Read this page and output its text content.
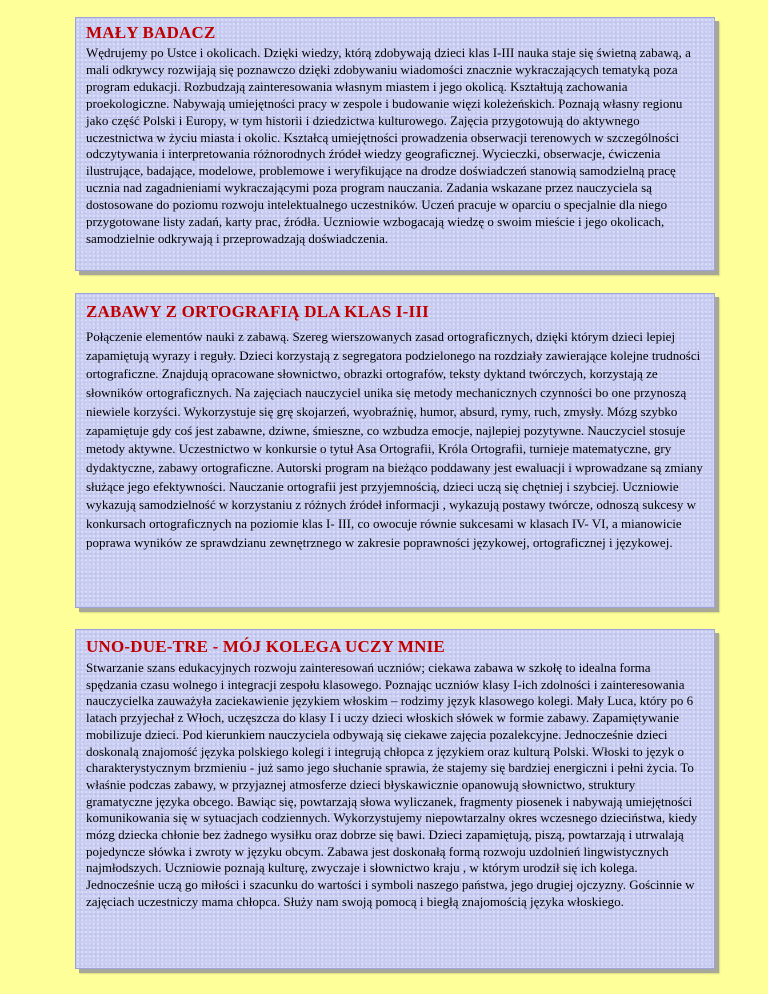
MAŁY BADACZ

Wędrujemy po Ustce i okolicach. Dzięki wiedzy, którą zdobywają dzieci klas I-III nauka staje się świetną zabawą, a mali odkrywcy rozwijają się poznawczo dzięki zdobywaniu wiadomości znacznie wykraczających tematyką poza program edukacji. Rozbudzają zainteresowania własnym miastem i jego okolicą. Kształtują zachowania proekologiczne. Nabywają umiejętności pracy w zespole i budowanie więzi koleżeńskich. Poznają własny regionu jako część Polski i Europy, w tym historii i dziedzictwa kulturowego. Zajęcia przygotowują do aktywnego uczestnictwa w życiu miasta i okolic. Kształcą umiejętności prowadzenia obserwacji terenowych w szczególności odczytywania i interpretowania różnorodnych źródeł wiedzy geograficznej. Wycieczki, obserwacje, ćwiczenia ilustrujące, badające, modelowe, problemowe i weryfikujące na drodze doświadczeń stanowią samodzielną pracę ucznia nad zagadnieniami wykraczającymi poza program nauczania. Zadania wskazane przez nauczyciela są dostosowane do poziomu rozwoju intelektualnego uczestników. Uczeń pracuje w oparciu o specjalnie dla niego przygotowane listy zadań, karty prac, źródła. Uczniowie wzbogacają wiedzę o swoim mieście i jego okolicach, samodzielnie odkrywają i przeprowadzają doświadczenia.

ZABAWY Z ORTOGRAFIĄ DLA KLAS I-III

Połączenie elementów nauki z zabawą. Szereg wierszowanych zasad ortograficznych, dzięki którym dzieci lepiej zapamiętują wyrazy i reguły. Dzieci korzystają z segregatora podzielonego na rozdziały zawierające kolejne trudności ortograficzne. Znajdują opracowane słownictwo, obrazki ortografów, teksty dyktand twórczych, korzystają ze słowników ortograficznych. Na zajęciach nauczyciel unika się metody mechanicznych czynności bo one przynoszą niewiele korzyści. Wykorzystuje się grę skojarzeń, wyobraźnię, humor, absurd, rymy, ruch, zmysły. Mózg szybko zapamiętuje gdy coś jest zabawne, dziwne, śmieszne, co wzbudza emocje, najlepiej pozytywne. Nauczyciel stosuje metody aktywne. Uczestnictwo w konkursie o tytuł Asa Ortografii, Króla Ortografii, turnieje matematyczne, gry dydaktyczne, zabawy ortograficzne. Autorski program na bieżąco poddawany jest ewaluacji i wprowadzane są zmiany służące jego efektywności. Nauczanie ortografii jest przyjemnością, dzieci uczą się chętniej i szybciej. Uczniowie wykazują samodzielność w korzystaniu z różnych źródeł informacji , wykazują postawy twórcze, odnoszą sukcesy w konkursach ortograficznych na poziomie klas I- III, co owocuje równie sukcesami w klasach IV- VI, a mianowicie poprawa wyników ze sprawdzianu zewnętrznego w zakresie poprawności językowej, ortograficznej i językowej.

UNO-DUE-TRE - MÓJ KOLEGA UCZY MNIE

Stwarzanie szans edukacyjnych rozwoju zainteresowań uczniów; ciekawa zabawa w szkołę to idealna forma spędzania czasu wolnego i integracji zespołu klasowego. Poznając uczniów klasy I-ich zdolności i zainteresowania nauczycielka zauważyła zaciekawienie językiem włoskim – rodzimy język klasowego kolegi. Mały Luca, który po 6 latach przyjechał z Włoch, uczęszcza do klasy I i uczy dzieci włoskich słówek w formie zabawy. Zapamiętywanie mobilizuje dzieci. Pod kierunkiem nauczyciela odbywają się ciekawe zajęcia pozalekcyjne. Jednocześnie dzieci doskonalą znajomość języka polskiego kolegi i integrują chłopca z językiem oraz kulturą Polski. Włoski to język o charakterystycznym brzmieniu - już samo jego słuchanie sprawia, że stajemy się bardziej energiczni i pełni życia. To właśnie podczas zabawy, w przyjaznej atmosferze dzieci błyskawicznie opanowują słownictwo, struktury gramatyczne języka obcego. Bawiąc się, powtarzają słowa wyliczanek, fragmenty piosenek i nabywają umiejętności komunikowania się w sytuacjach codziennych. Wykorzystujemy niepowtarzalny okres wczesnego dzieciństwa, kiedy mózg dziecka chłonie bez żadnego wysiłku oraz dobrze się bawi. Dzieci zapamiętują, piszą, powtarzają i utrwalają pojedyncze słówka i zwroty w języku obcym. Zabawa jest doskonałą formą rozwoju uzdolnień lingwistycznych najmłodszych. Uczniowie poznają kulturę, zwyczaje i słownictwo kraju , w którym urodził się ich kolega. Jednocześnie uczą go miłości i szacunku do wartości i symboli naszego państwa, jego drugiej ojczyzny. Gościnnie w zajęciach uczestniczy mama chłopca. Służy nam swoją pomocą i biegłą znajomością języka włoskiego.
